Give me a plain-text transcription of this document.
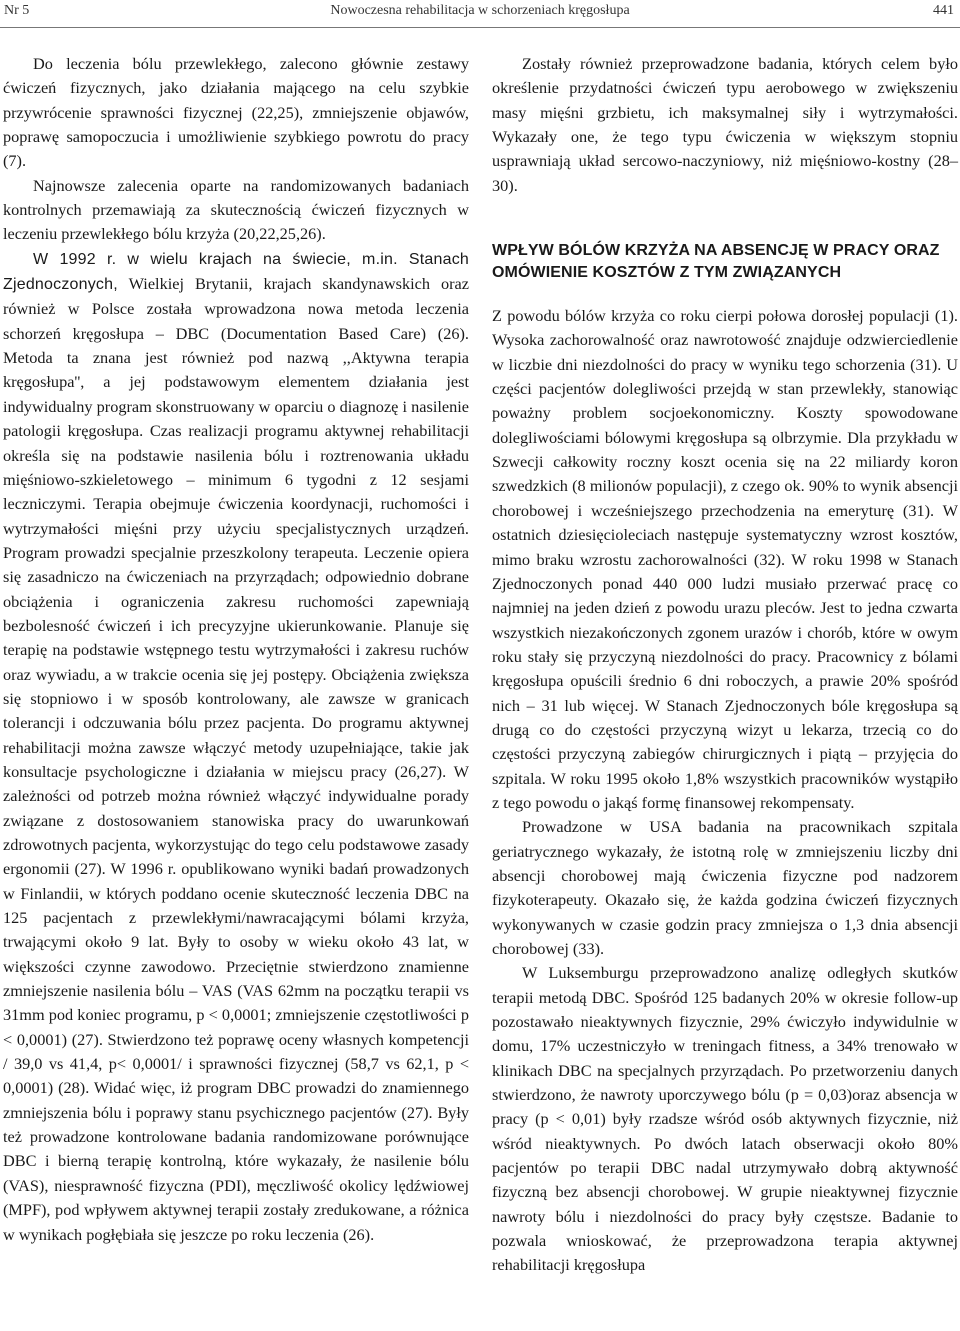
Nr 5	Nowoczesna rehabilitacja w schorzeniach kręgosłupa	441

Do leczenia bólu przewlekłego, zalecono głównie zestawy ćwiczeń fizycznych, jako działania mającego na celu szybkie przywrócenie sprawności fizycznej (22,25), zmniejszenie objawów, poprawę samopoczucia i umożliwienie szybkiego powrotu do pracy (7).

Najnowsze zalecenia oparte na randomizowanych badaniach kontrolnych przemawiają za skutecznością ćwiczeń fizycznych w leczeniu przewlekłego bólu krzyża (20,22,25,26).

W 1992 r. w wielu krajach na świecie, m.in. Stanach Zjednoczonych, Wielkiej Brytanii, krajach skandynawskich oraz również w Polsce została wprowadzona nowa metoda leczenia schorzeń kręgosłupa – DBC (Documentation Based Care) (26). Metoda ta znana jest również pod nazwą ,,Aktywna terapia kręgosłupa'', a jej podstawowym elementem działania jest indywidualny program skonstruowany w oparciu o diagnozę i nasilenie patologii kręgosłupa. Czas realizacji programu aktywnej rehabilitacji określa się na podstawie nasilenia bólu i roztrenowania układu mięśniowo-szkieletowego – minimum 6 tygodni z 12 sesjami leczniczymi. Terapia obejmuje ćwiczenia koordynacji, ruchomości i wytrzymałości mięśni przy użyciu specjalistycznych urządzeń. Program prowadzi specjalnie przeszkolony terapeuta. Leczenie opiera się zasadniczo na ćwiczeniach na przyrządach; odpowiednio dobrane obciążenia i ograniczenia zakresu ruchomości zapewniają bezbolesność ćwiczeń i ich precyzyjne ukierunkowanie. Planuje się terapię na podstawie wstępnego testu wytrzymałości i zakresu ruchów oraz wywiadu, a w trakcie ocenia się jej postępy. Obciążenia zwiększa się stopniowo i w sposób kontrolowany, ale zawsze w granicach tolerancji i odczuwania bólu przez pacjenta. Do programu aktywnej rehabilitacji można zawsze włączyć metody uzupełniające, takie jak konsultacje psychologiczne i działania w miejscu pracy (26,27). W zależności od potrzeb można również włączyć indywidualne porady związane z dostosowaniem stanowiska pracy do uwarunkowań zdrowotnych pacjenta, wykorzystując do tego celu podstawowe zasady ergonomii (27). W 1996 r. opublikowano wyniki badań prowadzonych w Finlandii, w których poddano ocenie skuteczność leczenia DBC na 125 pacjentach z przewlekłymi/nawracającymi bólami krzyża, trwającymi około 9 lat. Były to osoby w wieku około 43 lat, w większości czynne zawodowo. Przeciętnie stwierdzono znamienne zmniejszenie nasilenia bólu – VAS (VAS 62mm na początku terapii vs 31mm pod koniec programu, p < 0,0001; zmniejszenie częstotliwości p < 0,0001) (27). Stwierdzono też poprawę oceny własnych kompetencji / 39,0 vs 41,4, p< 0,0001/ i sprawności fizycznej (58,7 vs 62,1, p < 0,0001) (28). Widać więc, iż program DBC prowadzi do znamiennego zmniejszenia bólu i poprawy stanu psychicznego pacjentów (27). Były też prowadzone kontrolowane badania randomizowane porównujące DBC i bierną terapię kontrolną, które wykazały, że nasilenie bólu (VAS), niesprawność fizyczna (PDI), męczliwość okolicy lędźwiowej (MPF), pod wpływem aktywnej terapii zostały zredukowane, a różnica w wynikach pogłębiała się jeszcze po roku leczenia (26).

Zostały również przeprowadzone badania, których celem było określenie przydatności ćwiczeń typu aerobowego w zwiększeniu masy mięśni grzbietu, ich maksymalnej siły i wytrzymałości. Wykazały one, że tego typu ćwiczenia w większym stopniu usprawniają układ sercowo-naczyniowy, niż mięśniowo-kostny (28–30).

WPŁYW BÓLÓW KRZYŻA NA ABSENCJĘ W PRACY ORAZ OMÓWIENIE KOSZTÓW Z TYM ZWIĄZANYCH

Z powodu bólów krzyża co roku cierpi połowa dorosłej populacji (1). Wysoka zachorowalność oraz nawrotowość znajduje odzwierciedlenie w liczbie dni niezdolności do pracy w wyniku tego schorzenia (31). U części pacjentów dolegliwości przejdą w stan przewlekły, stanowiąc poważny problem socjoekonomiczny. Koszty spowodowane dolegliwościami bólowymi kręgosłupa są olbrzymie. Dla przykładu w Szwecji całkowity roczny koszt ocenia się na 22 miliardy koron szwedzkich (8 milionów populacji), z czego ok. 90% to wynik absencji chorobowej i wcześniejszego przechodzenia na emeryturę (31). W ostatnich dziesięcioleciach następuje systematyczny wzrost kosztów, mimo braku wzrostu zachorowalności (32). W roku 1998 w Stanach Zjednoczonych ponad 440 000 ludzi musiało przerwać pracę co najmniej na jeden dzień z powodu urazu pleców. Jest to jedna czwarta wszystkich niezakończonych zgonem urazów i chorób, które w owym roku stały się przyczyną niezdolności do pracy. Pracownicy z bólami kręgosłupa opuścili średnio 6 dni roboczych, a prawie 20% spośród nich – 31 lub więcej. W Stanach Zjednoczonych bóle kręgosłupa są drugą co do częstości przyczyną wizyt u lekarza, trzecią co do częstości przyczyną zabiegów chirurgicznych i piątą – przyjęcia do szpitala. W roku 1995 około 1,8% wszystkich pracowników wystąpiło z tego powodu o jakąś formę finansowej rekompensaty.

Prowadzone w USA badania na pracownikach szpitala geriatrycznego wykazały, że istotną rolę w zmniejszeniu liczby dni absencji chorobowej mają ćwiczenia fizyczne pod nadzorem fizykoterapeuty. Okazało się, że każda godzina ćwiczeń fizycznych wykonywanych w czasie godzin pracy zmniejsza o 1,3 dnia absencji chorobowej (33).

W Luksemburgu przeprowadzono analizę odległych skutków terapii metodą DBC. Spośród 125 badanych 20% w okresie follow-up pozostawało nieaktywnych fizycznie, 29% ćwiczyło indywidulnie w domu, 17% uczestniczyło w treningach fitness, a 34% trenowało w klinikach DBC na specjalnych przyrządach. Po przetworzeniu danych stwierdzono, że nawroty uporczywego bólu (p = 0,03)oraz absencja w pracy (p < 0,01) były rzadsze wśród osób aktywnych fizycznie, niż wśród nieaktywnych. Po dwóch latach obserwacji około 80% pacjentów po terapii DBC nadal utrzymywało dobrą aktywność fizyczną bez absencji chorobowej. W grupie nieaktywnej fizycznie nawroty bólu i niezdolności do pracy były częstsze. Badanie to pozwala wnioskować, że przeprowadzona terapia aktywnej rehabilitacji kręgosłupa
